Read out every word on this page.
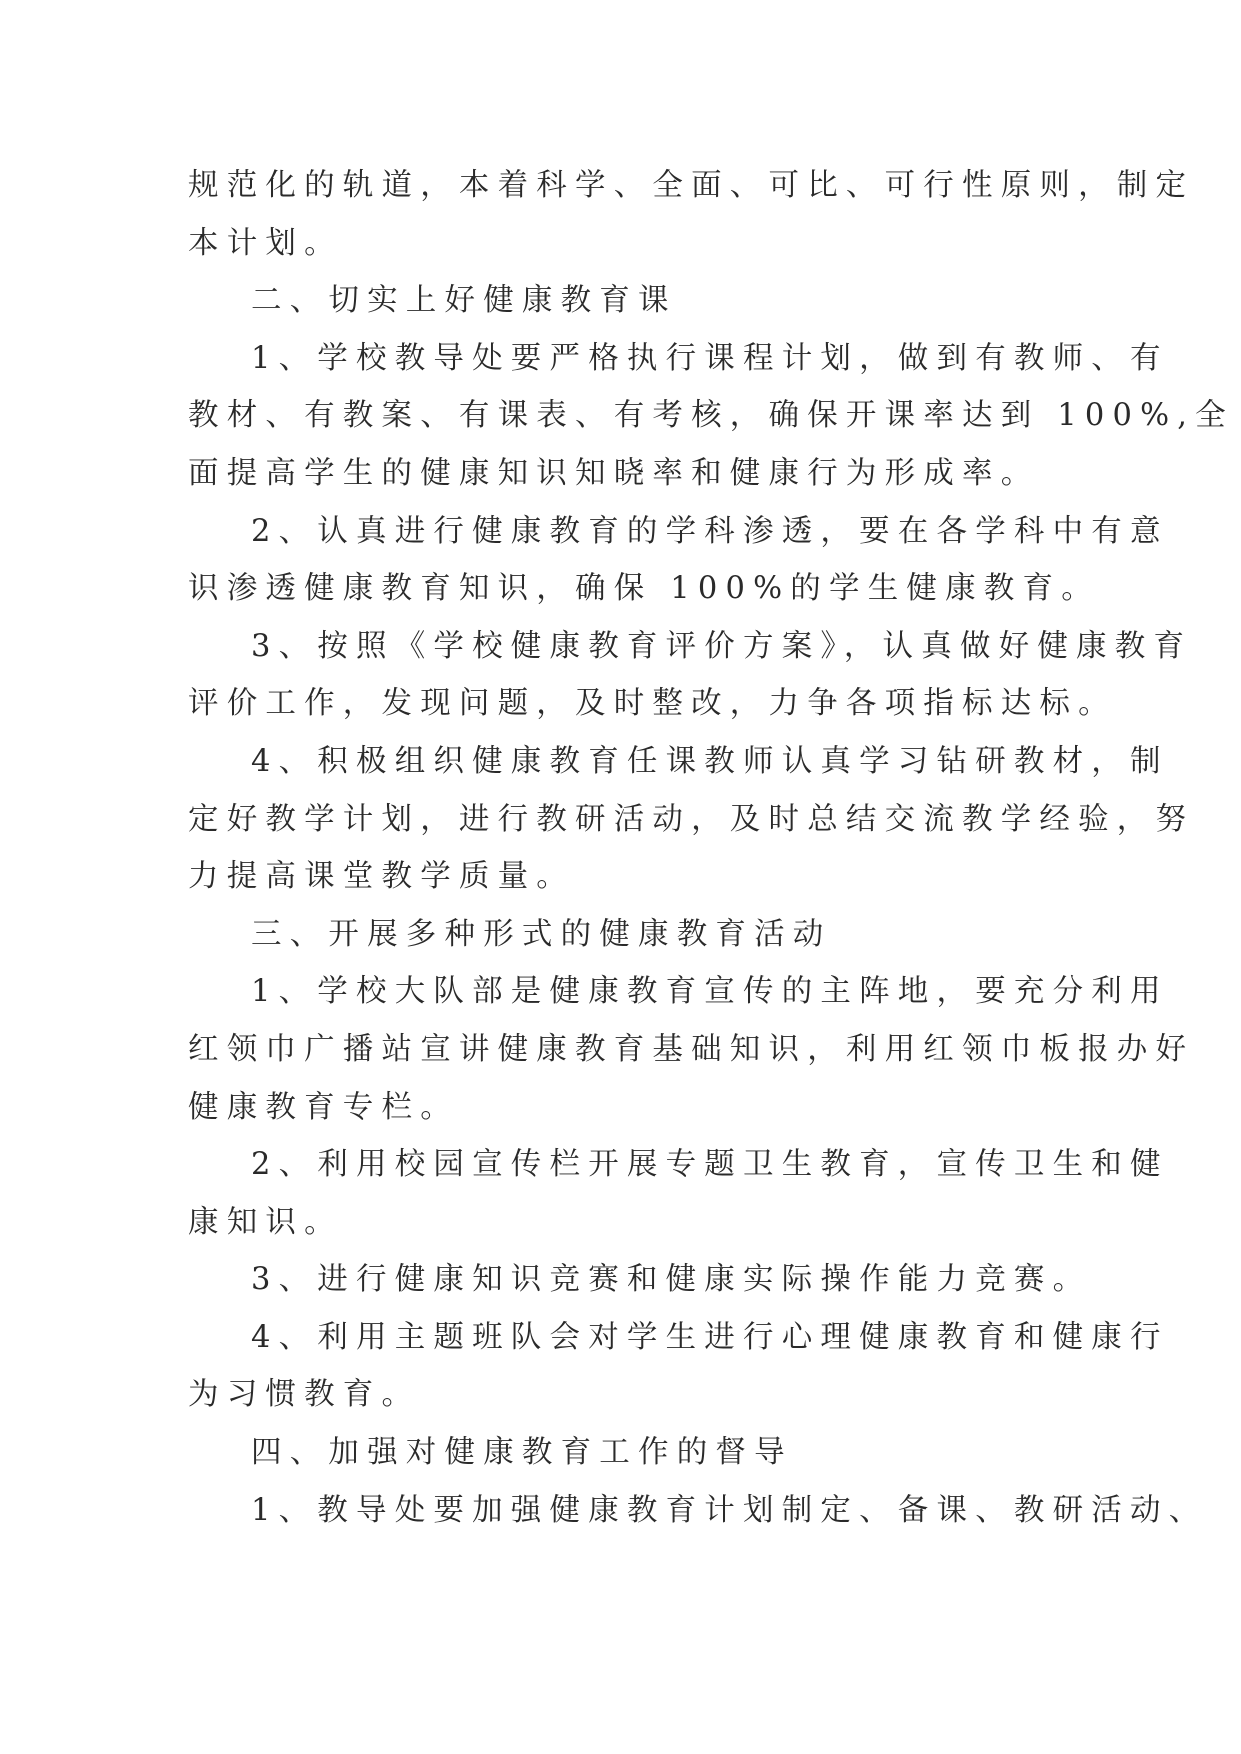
规范化的轨道，本着科学、全面、可比、可行性原则，制定
本计划。
二、切实上好健康教育课
1、学校教导处要严格执行课程计划，做到有教师、有
教材、有教案、有课表、有考核，确保开课率达到 100%,全
面提高学生的健康知识知晓率和健康行为形成率。
2、认真进行健康教育的学科渗透，要在各学科中有意
识渗透健康教育知识，确保 100%的学生健康教育。
3、按照《学校健康教育评价方案》，认真做好健康教育
评价工作，发现问题，及时整改，力争各项指标达标。
4、积极组织健康教育任课教师认真学习钻研教材，制
定好教学计划，进行教研活动，及时总结交流教学经验，努
力提高课堂教学质量。
三、开展多种形式的健康教育活动
1、学校大队部是健康教育宣传的主阵地，要充分利用
红领巾广播站宣讲健康教育基础知识，利用红领巾板报办好
健康教育专栏。
2、利用校园宣传栏开展专题卫生教育，宣传卫生和健
康知识。
3、进行健康知识竞赛和健康实际操作能力竞赛。
4、利用主题班队会对学生进行心理健康教育和健康行
为习惯教育。
四、加强对健康教育工作的督导
1、教导处要加强健康教育计划制定、备课、教研活动、
